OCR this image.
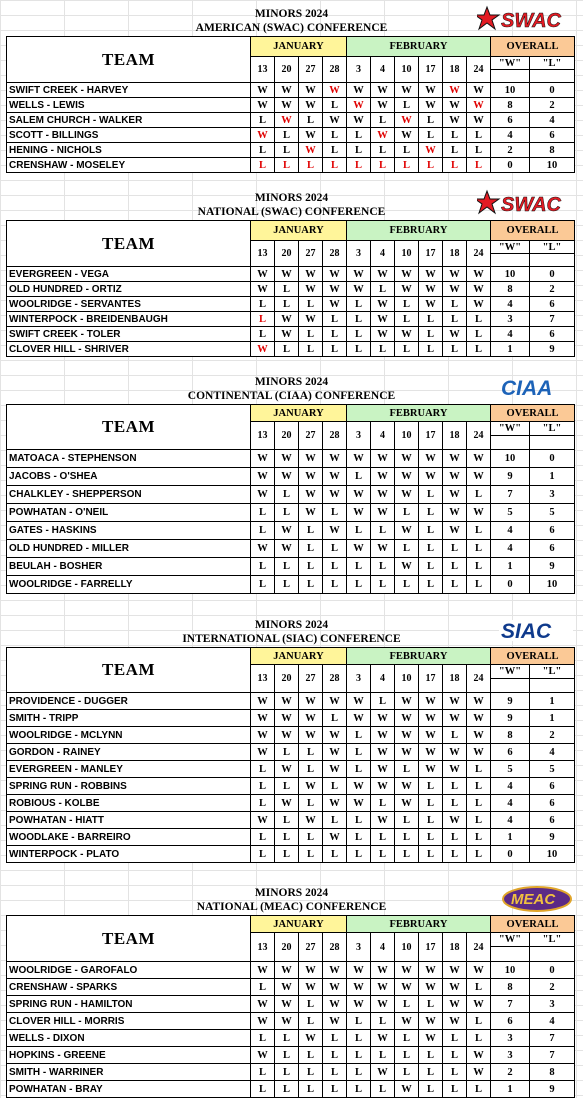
MINORS 2024
AMERICAN (SWAC) CONFERENCE	SWAC
TEAM	JANUARY				FEBRUARY						OVERALL	
	13	20	27	28	3	4	10	17	18	24	"W"	"L"

SWIFT CREEK - HARVEY	W	W	W	W	W	W	W	W	W	W	10	0
WELLS - LEWIS	W	W	W	L	W	W	L	W	W	W	8	2
SALEM CHURCH - WALKER	L	W	L	W	W	L	W	L	W	W	6	4
SCOTT - BILLINGS	W	L	W	L	L	W	W	L	L	L	4	6
HENING - NICHOLS	L	L	W	L	L	L	L	W	L	L	2	8
CRENSHAW - MOSELEY	L	L	L	L	L	L	L	L	L	L	0	10
MINORS 2024
NATIONAL (SWAC) CONFERENCE	SWAC
TEAM	JANUARY				FEBRUARY						OVERALL	
	13	20	27	28	3	4	10	17	18	24	"W"	"L"

EVERGREEN - VEGA	W	W	W	W	W	W	W	W	W	W	10	0
OLD HUNDRED - ORTIZ	W	L	W	W	W	L	W	W	W	W	8	2
WOOLRIDGE - SERVANTES	L	L	L	W	L	W	L	W	L	W	4	6
WINTERPOCK - BREIDENBAUGH	L	W	W	L	L	W	L	L	L	L	3	7
SWIFT CREEK - TOLER	L	W	L	L	L	W	W	L	W	L	4	6
CLOVER HILL - SHRIVER	W	L	L	L	L	L	L	L	L	L	1	9
MINORS 2024
CONTINENTAL (CIAA) CONFERENCE	CIAA
TEAM	JANUARY				FEBRUARY						OVERALL	
	13	20	27	28	3	4	10	17	18	24	"W"	"L"

MATOACA - STEPHENSON	W	W	W	W	W	W	W	W	W	W	10	0
JACOBS - O'SHEA	W	W	W	W	L	W	W	W	W	W	9	1
CHALKLEY - SHEPPERSON	W	L	W	W	W	W	W	L	W	L	7	3
POWHATAN - O'NEIL	L	L	W	L	W	W	L	L	W	W	5	5
GATES - HASKINS	L	W	L	W	L	L	W	L	W	L	4	6
OLD HUNDRED - MILLER	W	W	L	L	W	W	L	L	L	L	4	6
BEULAH - BOSHER	L	L	L	L	L	L	W	L	L	L	1	9
WOOLRIDGE - FARRELLY	L	L	L	L	L	L	L	L	L	L	0	10
MINORS 2024
INTERNATIONAL (SIAC) CONFERENCE	SIAC
TEAM	JANUARY				FEBRUARY						OVERALL	
	13	20	27	28	3	4	10	17	18	24	"W"	"L"

PROVIDENCE - DUGGER	W	W	W	W	W	L	W	W	W	W	9	1
SMITH - TRIPP	W	W	W	L	W	W	W	W	W	W	9	1
WOOLRIDGE - MCLYNN	W	W	W	W	L	W	W	W	L	W	8	2
GORDON - RAINEY	W	L	L	W	L	W	W	W	W	W	6	4
EVERGREEN - MANLEY	L	W	L	W	L	W	L	W	W	L	5	5
SPRING RUN - ROBBINS	L	L	W	L	W	W	W	L	L	L	4	6
ROBIOUS - KOLBE	L	W	L	W	W	L	W	L	L	L	4	6
POWHATAN - HIATT	W	L	W	L	L	W	L	L	W	L	4	6
WOODLAKE - BARREIRO	L	L	L	W	L	L	L	L	L	L	1	9
WINTERPOCK - PLATO	L	L	L	L	L	L	L	L	L	L	0	10
MINORS 2024
NATIONAL (MEAC) CONFERENCE	MEAC
TEAM	JANUARY				FEBRUARY						OVERALL	
	13	20	27	28	3	4	10	17	18	24	"W"	"L"

WOOLRIDGE - GAROFALO	W	W	W	W	W	W	W	W	W	W	10	0
CRENSHAW - SPARKS	L	W	W	W	W	W	W	W	W	L	8	2
SPRING RUN - HAMILTON	W	W	L	W	W	W	L	L	W	W	7	3
CLOVER HILL - MORRIS	W	W	L	W	L	L	W	W	W	L	6	4
WELLS - DIXON	L	L	W	L	L	W	L	W	L	L	3	7
HOPKINS - GREENE	W	L	L	L	L	L	L	L	L	W	3	7
SMITH - WARRINER	L	L	L	L	L	W	L	L	L	W	2	8
POWHATAN - BRAY	L	L	L	L	L	L	W	L	L	L	1	9
